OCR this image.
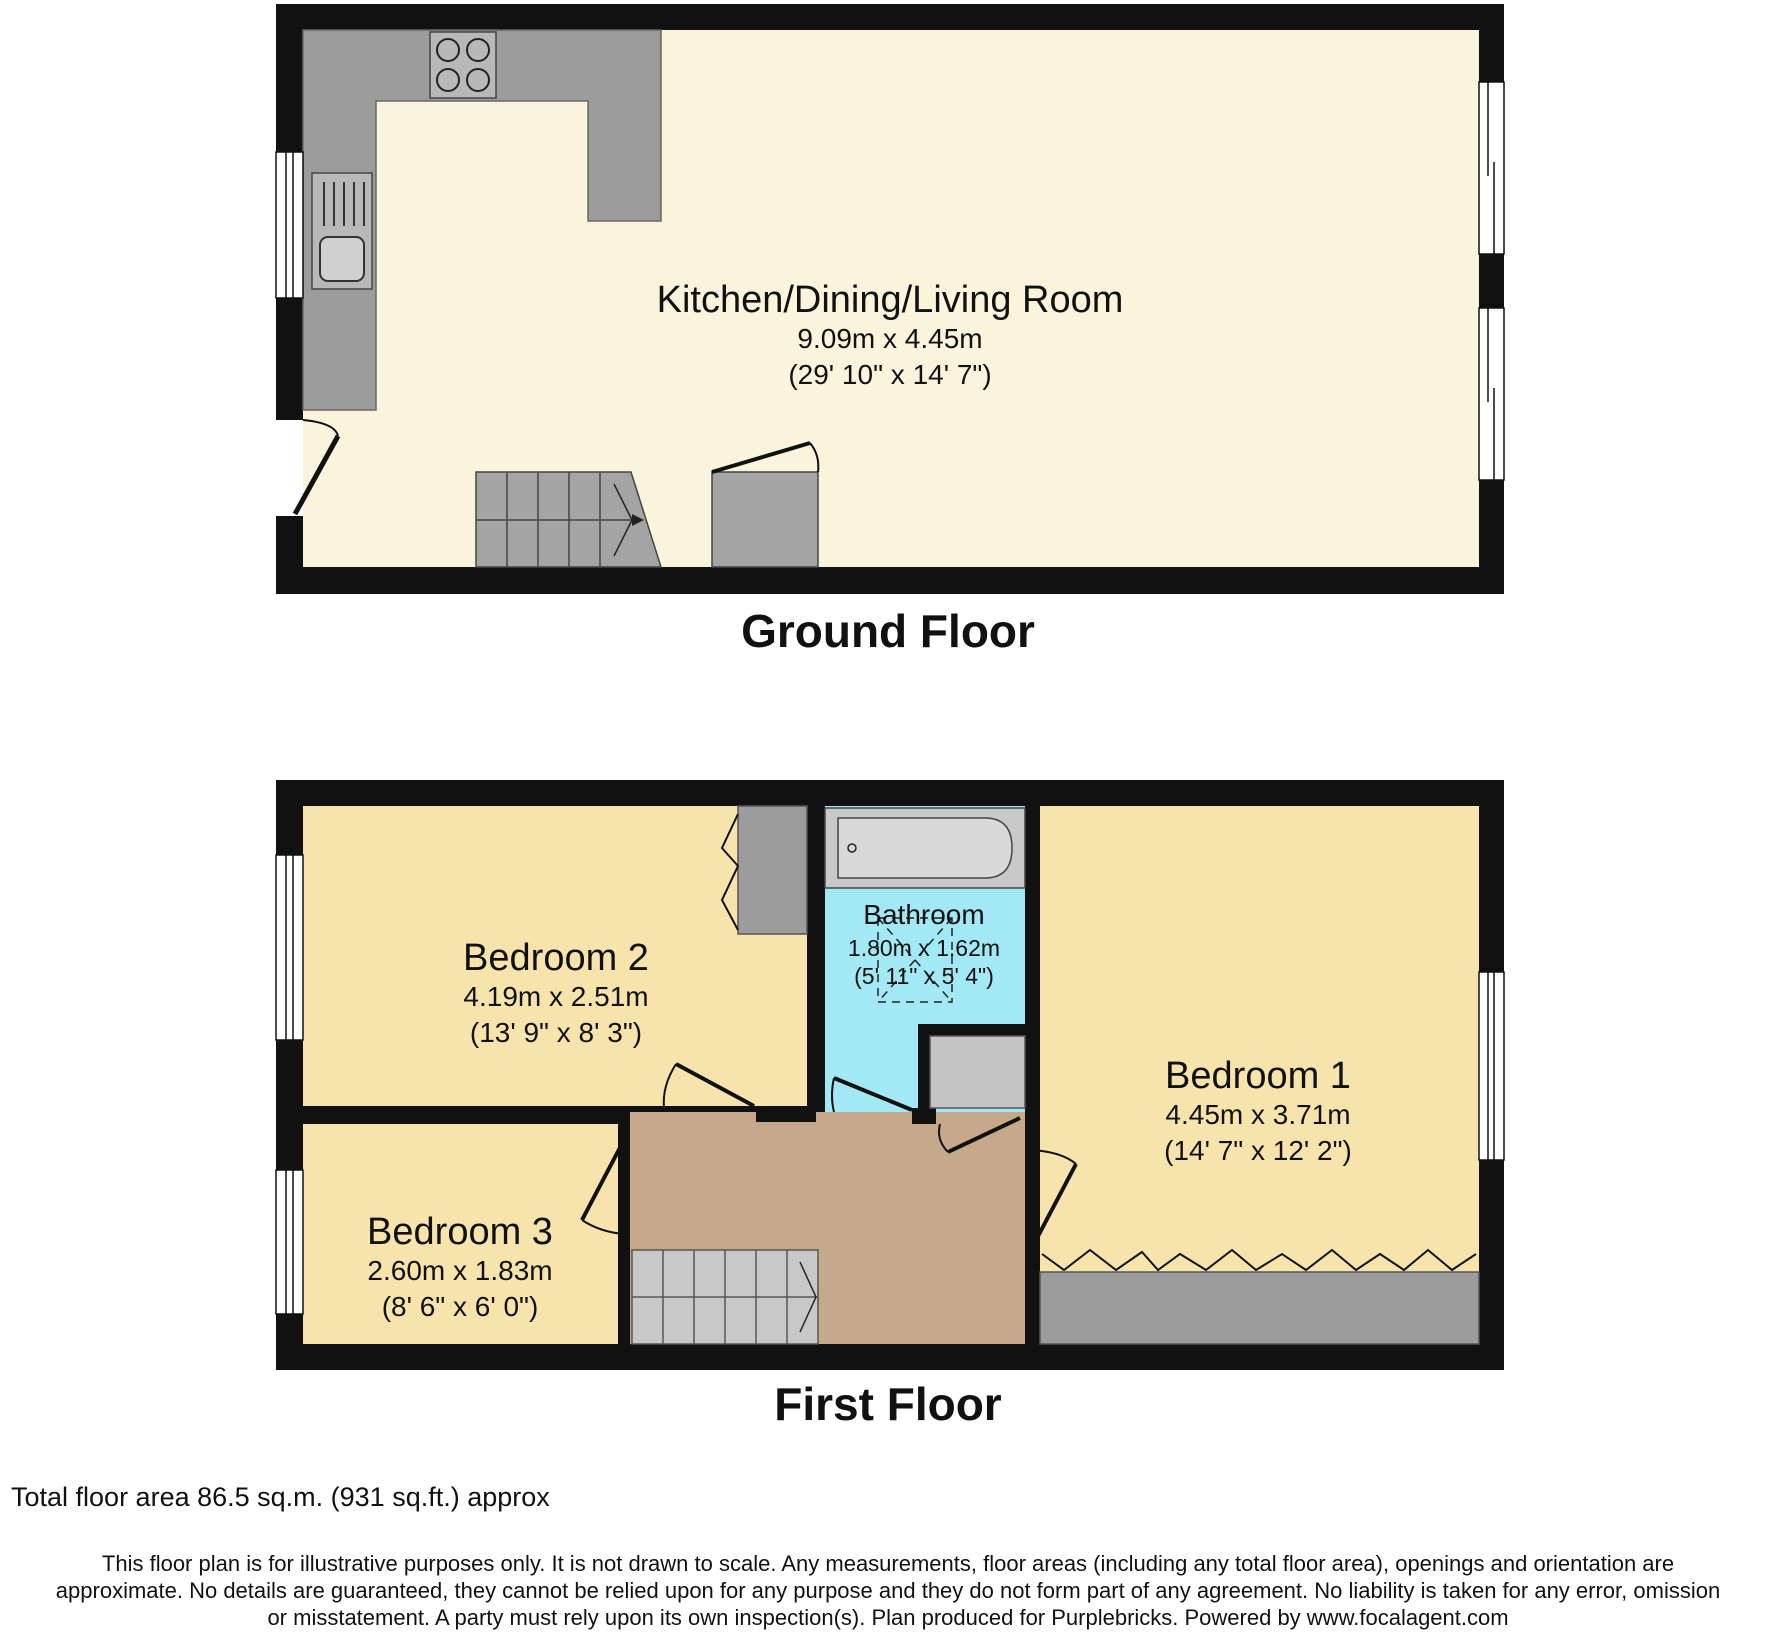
Kitchen/Dining/Living Room
9.09m x 4.45m
(29' 10" x 14' 7")
Ground Floor
Bedroom 2
4.19m x 2.51m
(13' 9" x 8' 3")
Bathroom
1.80m x 1.62m
(5' 11" x 5' 4")
Bedroom 1
4.45m x 3.71m
(14' 7" x 12' 2")
Bedroom 3
2.60m x 1.83m
(8' 6" x 6' 0")
First Floor
Total floor area 86.5 sq.m. (931 sq.ft.) approx
This floor plan is for illustrative purposes only. It is not drawn to scale. Any measurements, floor areas (including any total floor area), openings and orientation are
approximate. No details are guaranteed, they cannot be relied upon for any purpose and they do not form part of any agreement. No liability is taken for any error, omission
or misstatement. A party must rely upon its own inspection(s). Plan produced for Purplebricks. Powered by www.focalagent.com
